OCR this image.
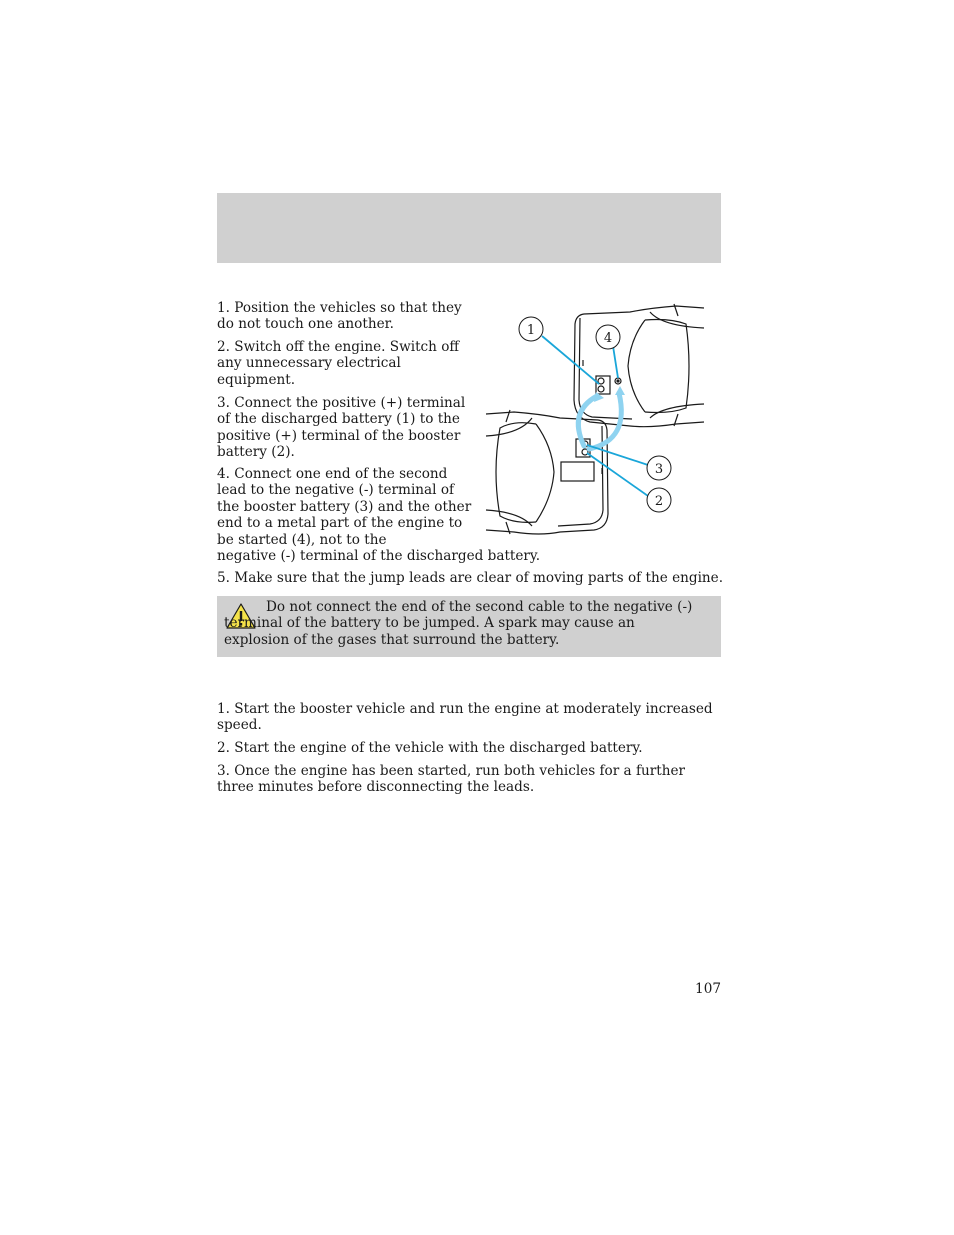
1. Position the vehicles so that they do not touch one another.

2. Switch off the engine. Switch off any unnecessary electrical equipment.

3. Connect the positive (+) terminal of the discharged battery (1) to the positive (+) terminal of the booster battery (2).

4. Connect one end of the second lead to the negative (-) terminal of the booster battery (3) and the other end to a metal part of the engine to be started (4), not to the

negative (-) terminal of the discharged battery.

5. Make sure that the jump leads are clear of moving parts of the engine.

1
4
3
2

Do not connect the end of the second cable to the negative (-) terminal of the battery to be jumped. A spark may cause an explosion of the gases that surround the battery.

1. Start the booster vehicle and run the engine at moderately increased speed.

2. Start the engine of the vehicle with the discharged battery.

3. Once the engine has been started, run both vehicles for a further three minutes before disconnecting the leads.

107
